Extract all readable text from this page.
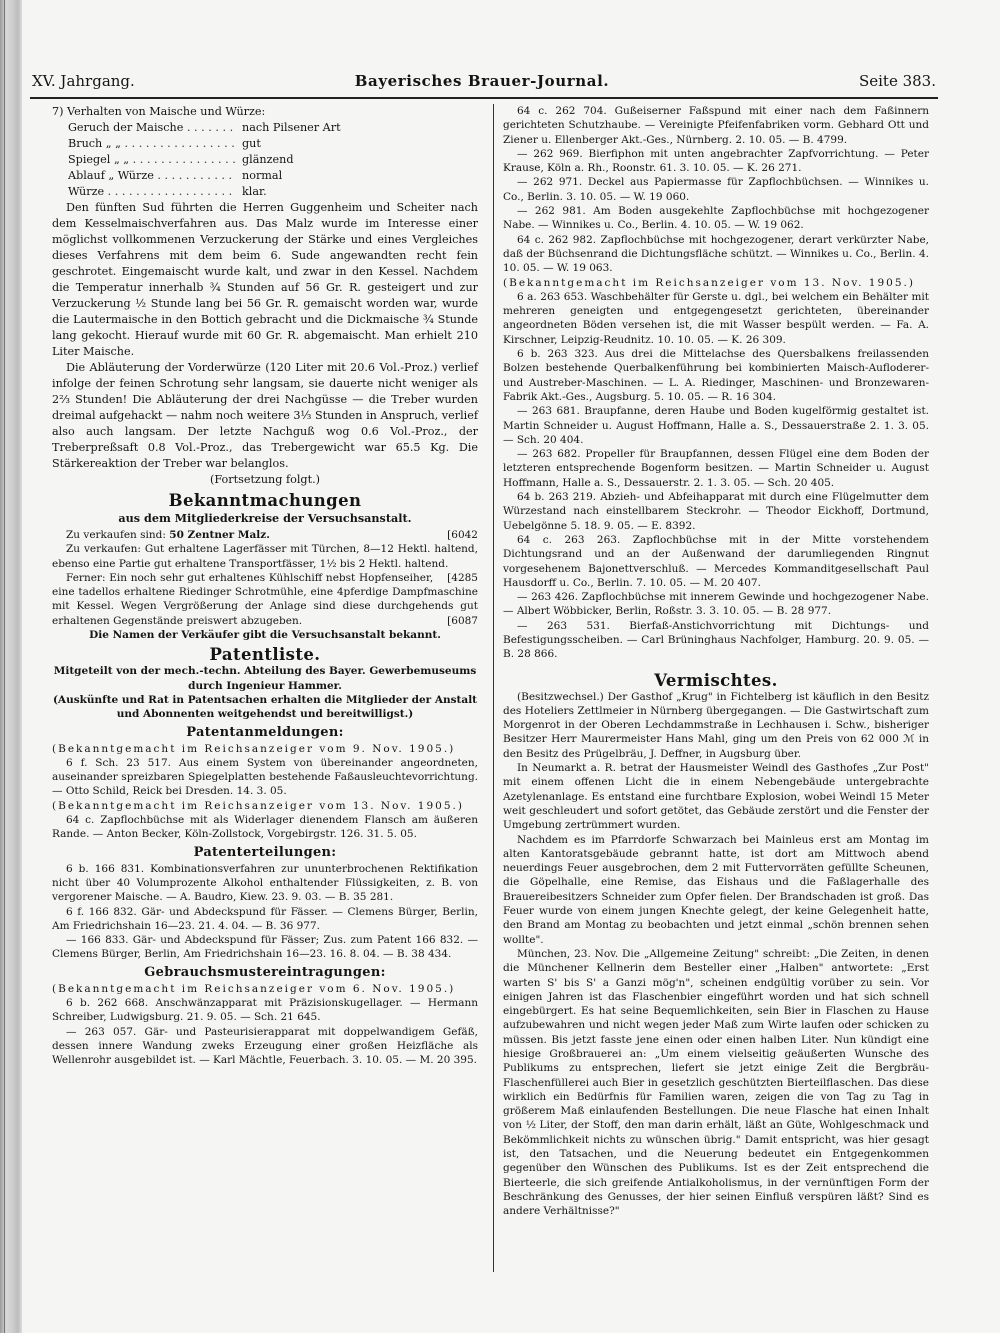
XV. Jahrgang.	Bayerisches Brauer-Journal.	Seite 383.

7) Verhalten von Maische und Würze:

Geruch der Maische . . .	nach Pilsener Art
Bruch „ „ . . .	gut
Spiegel „ „ . . .	glänzend
Ablauf „ Würze . . .	normal
Würze . . .	klar.

Den fünften Sud führten die Herren Guggenheim und Scheiter nach dem Kesselmaischverfahren aus. Das Malz wurde im Interesse einer möglichst vollkommenen Verzuckerung der Stärke und eines Vergleiches dieses Verfahrens mit dem beim 6. Sude angewandten recht fein geschrotet. Eingemaischt wurde kalt, und zwar in den Kessel. Nachdem die Temperatur innerhalb ¾ Stunden auf 56 Gr. R. gesteigert und zur Verzuckerung ½ Stunde lang bei 56 Gr. R. gemaischt worden war, wurde die Lautermaische in den Bottich gebracht und die Dickmaische ¾ Stunde lang gekocht. Hierauf wurde mit 60 Gr. R. abgemaischt. Man erhielt 210 Liter Maische.

Die Abläuterung der Vorderwürze (120 Liter mit 20.6 Vol.-Proz.) verlief infolge der feinen Schrotung sehr langsam, sie dauerte nicht weniger als 2⅔ Stunden! Die Abläuterung der drei Nachgüsse — die Treber wurden dreimal aufgehackt — nahm noch weitere 3⅓ Stunden in Anspruch, verlief also auch langsam. Der letzte Nachguß wog 0.6 Vol.-Proz., der Treberpreßsaft 0.8 Vol.-Proz., das Trebergewicht war 65.5 Kg. Die Stärkereaktion der Treber war belanglos.

(Fortsetzung folgt.)

Bekanntmachungen
aus dem Mitgliederkreise der Versuchsanstalt.

Zu verkaufen sind: 50 Zentner Malz.	[6042

Zu verkaufen: Gut erhaltene Lagerfässer mit Türchen, 8—12 Hektl. haltend, ebenso eine Partie gut erhaltene Transportfässer, 1½ bis 2 Hektl. haltend.
[4285

Ferner: Ein noch sehr gut erhaltenes Kühlschiff nebst Hopfenseiher, eine tadellos erhaltene Riedinger Schrotmühle, eine 4pferdige Dampfmaschine mit Kessel. Wegen Vergrößerung der Anlage sind diese durchgehends gut erhaltenen Gegenstände preiswert abzugeben.	[6087

Die Namen der Verkäufer gibt die Versuchsanstalt bekannt.

Patentliste.

Mitgeteilt von der mech.-techn. Abteilung des Bayer. Gewerbemuseums durch Ingenieur Hammer.

(Auskünfte und Rat in Patentsachen erhalten die Mitglieder der Anstalt und Abonnenten weitgehendst und bereitwilligst.)

Patentanmeldungen:

(Bekanntgemacht im Reichsanzeiger vom 9. Nov. 1905.)

6 f. Sch. 23 517. Aus einem System von übereinander angeordneten, auseinander spreizbaren Spiegelplatten bestehende Faßausleuchtevorrichtung. — Otto Schild, Reick bei Dresden. 14. 3. 05.

(Bekanntgemacht im Reichsanzeiger vom 13. Nov. 1905.)

64 c. Zapflochbüchse mit als Widerlager dienendem Flansch am äußeren Rande. — Anton Becker, Köln-Zollstock, Vorgebirgstr. 126. 31. 5. 05.

Patenterteilungen:

6 b. 166 831. Kombinationsverfahren zur ununterbrochenen Rektifikation nicht über 40 Volumprozente Alkohol enthaltender Flüssigkeiten, z. B. von vergorener Maische. — A. Baudro, Kiew. 23. 9. 03. — B. 35 281.

6 f. 166 832. Gär- und Abdeckspund für Fässer. — Clemens Bürger, Berlin, Am Friedrichshain 16—23. 21. 4. 04. — B. 36 977.

— 166 833. Gär- und Abdeckspund für Fässer; Zus. zum Patent 166 832. — Clemens Bürger, Berlin, Am Friedrichshain 16—23. 16. 8. 04. — B. 38 434.

Gebrauchsmustereintragungen:

(Bekanntgemacht im Reichsanzeiger vom 6. Nov. 1905.)

6 b. 262 668. Anschwänzapparat mit Präzisionskugellager. — Hermann Schreiber, Ludwigsburg. 21. 9. 05. — Sch. 21 645.

— 263 057. Gär- und Pasteurisierapparat mit doppelwandigem Gefäß, dessen innere Wandung zweks Erzeugung einer großen Heizfläche als Wellenrohr ausgebildet ist. — Karl Mächtle, Feuerbach. 3. 10. 05. — M. 20 395.

64 c. 262 704. Gußeiserner Faßspund mit einer nach dem Faßinnern gerichteten Schutzhaube. — Vereinigte Pfeifenfabriken vorm. Gebhard Ott und Ziener u. Ellenberger Akt.-Ges., Nürnberg. 2. 10. 05. — B. 4799.

— 262 969. Bierfiphon mit unten angebrachter Zapfvorrichtung. — Peter Krause, Köln a. Rh., Roonstr. 61. 3. 10. 05. — K. 26 271.

— 262 971. Deckel aus Papiermasse für Zapflochbüchsen. — Winnikes u. Co., Berlin. 3. 10. 05. — W. 19 060.

— 262 981. Am Boden ausgekehlte Zapflochbüchse mit hochgezogener Nabe. — Winnikes u. Co., Berlin. 4. 10. 05. — W. 19 062.

64 c. 262 982. Zapflochbüchse mit hochgezogener, derart verkürzter Nabe, daß der Büchsenrand die Dichtungsfläche schützt. — Winnikes u. Co., Berlin. 4. 10. 05. — W. 19 063.

(Bekanntgemacht im Reichsanzeiger vom 13. Nov. 1905.)

6 a. 263 653. Waschbehälter für Gerste u. dgl., bei welchem ein Behälter mit mehreren geneigten und entgegengesetzt gerichteten, übereinander angeordneten Böden versehen ist, die mit Wasser bespült werden. — Fa. A. Kirschner, Leipzig-Reudnitz. 10. 10. 05. — K. 26 309.

6 b. 263 323. Aus drei die Mittelachse des Quersbalkens freilassenden Bolzen bestehende Querbalkenführung bei kombinierten Maisch-Aufloderer- und Austreber-Maschinen. — L. A. Riedinger, Maschinen- und Bronzewaren-Fabrik Akt.-Ges., Augsburg. 5. 10. 05. — R. 16 304.

— 263 681. Braupfanne, deren Haube und Boden kugelförmig gestaltet ist. Martin Schneider u. August Hoffmann, Halle a. S., Dessauerstraße 2. 1. 3. 05. — Sch. 20 404.

— 263 682. Propeller für Braupfannen, dessen Flügel eine dem Boden der letzteren entsprechende Bogenform besitzen. — Martin Schneider u. August Hoffmann, Halle a. S., Dessauerstr. 2. 1. 3. 05. — Sch. 20 405.

64 b. 263 219. Abzieh- und Abfeihapparat mit durch eine Flügelmutter dem Würzestand nach einstellbarem Steckrohr. — Theodor Eickhoff, Dortmund, Uebelgönne 5. 18. 9. 05. — E. 8392.

64 c. 263 263. Zapflochbüchse mit in der Mitte vorstehendem Dichtungsrand und an der Außenwand der darumliegenden Ringnut vorgesehenem Bajonettverschluß. — Mercedes Kommanditgesellschaft Paul Hausdorff u. Co., Berlin. 7. 10. 05. — M. 20 407.

— 263 426. Zapflochbüchse mit innerem Gewinde und hochgezogener Nabe. — Albert Wöbbicker, Berlin, Roßstr. 3. 3. 10. 05. — B. 28 977.

— 263 531. Bierfaß-Anstichvorrichtung mit Dichtungs- und Befestigungsscheiben. — Carl Brüninghaus Nachfolger, Hamburg. 20. 9. 05. — B. 28 866.

Vermischtes.

(Besitzwechsel.) Der Gasthof „Krug" in Fichtelberg ist käuflich in den Besitz des Hoteliers Zettlmeier in Nürnberg übergegangen. — Die Gastwirtschaft zum Morgenrot in der Oberen Lechdammstraße in Lechhausen i. Schw., bisheriger Besitzer Herr Maurermeister Hans Mahl, ging um den Preis von 62 000 ℳ in den Besitz des Prügelbräu, J. Deffner, in Augsburg über.

In Neumarkt a. R. betrat der Hausmeister Weindl des Gasthofes „Zur Post" mit einem offenen Licht die in einem Nebengebäude untergebrachte Azetylenanlage. Es entstand eine furchtbare Explosion, wobei Weindl 15 Meter weit geschleudert und sofort getötet, das Gebäude zerstört und die Fenster der Umgebung zertrümmert wurden.

Nachdem es im Pfarrdorfe Schwarzach bei Mainleus erst am Montag im alten Kantoratsgebäude gebrannt hatte, ist dort am Mittwoch abend neuerdings Feuer ausgebrochen, dem 2 mit Futtervorräten gefüllte Scheunen, die Göpelhalle, eine Remise, das Eishaus und die Faßlagerhalle des Brauereibesitzers Schneider zum Opfer fielen. Der Brandschaden ist groß. Das Feuer wurde von einem jungen Knechte gelegt, der keine Gelegenheit hatte, den Brand am Montag zu beobachten und jetzt einmal „schön brennen sehen wollte".

München, 23. Nov. Die „Allgemeine Zeitung" schreibt: „Die Zeiten, in denen die Münchener Kellnerin dem Besteller einer „Halben" antwortete: „Erst warten S' bis S' a Ganzi mög'n", scheinen endgültig vorüber zu sein. Vor einigen Jahren ist das Flaschenbier eingeführt worden und hat sich schnell eingebürgert. Es hat seine Bequemlichkeiten, sein Bier in Flaschen zu Hause aufzubewahren und nicht wegen jeder Maß zum Wirte laufen oder schicken zu müssen. Bis jetzt fasste jene einen oder einen halben Liter. Nun kündigt eine hiesige Großbrauerei an: „Um einem vielseitig geäußerten Wunsche des Publikums zu entsprechen, liefert sie jetzt einige Zeit die Bergbräu-Flaschenfüllerei auch Bier in gesetzlich geschützten Bierteilflaschen. Das diese wirklich ein Bedürfnis für Familien waren, zeigen die von Tag zu Tag in größerem Maß einlaufenden Bestellungen. Die neue Flasche hat einen Inhalt von ½ Liter, der Stoff, den man darin erhält, läßt an Güte, Wohlgeschmack und Bekömmlichkeit nichts zu wünschen übrig." Damit entspricht, was hier gesagt ist, den Tatsachen, und die Neuerung bedeutet ein Entgegenkommen gegenüber den Wünschen des Publikums. Ist es der Zeit entsprechend die Bierteerle, die sich greifende Antialkoholismus, in der vernünftigen Form der Beschränkung des Genusses, der hier seinen Einfluß verspüren läßt? Sind es andere Verhältnisse?"
